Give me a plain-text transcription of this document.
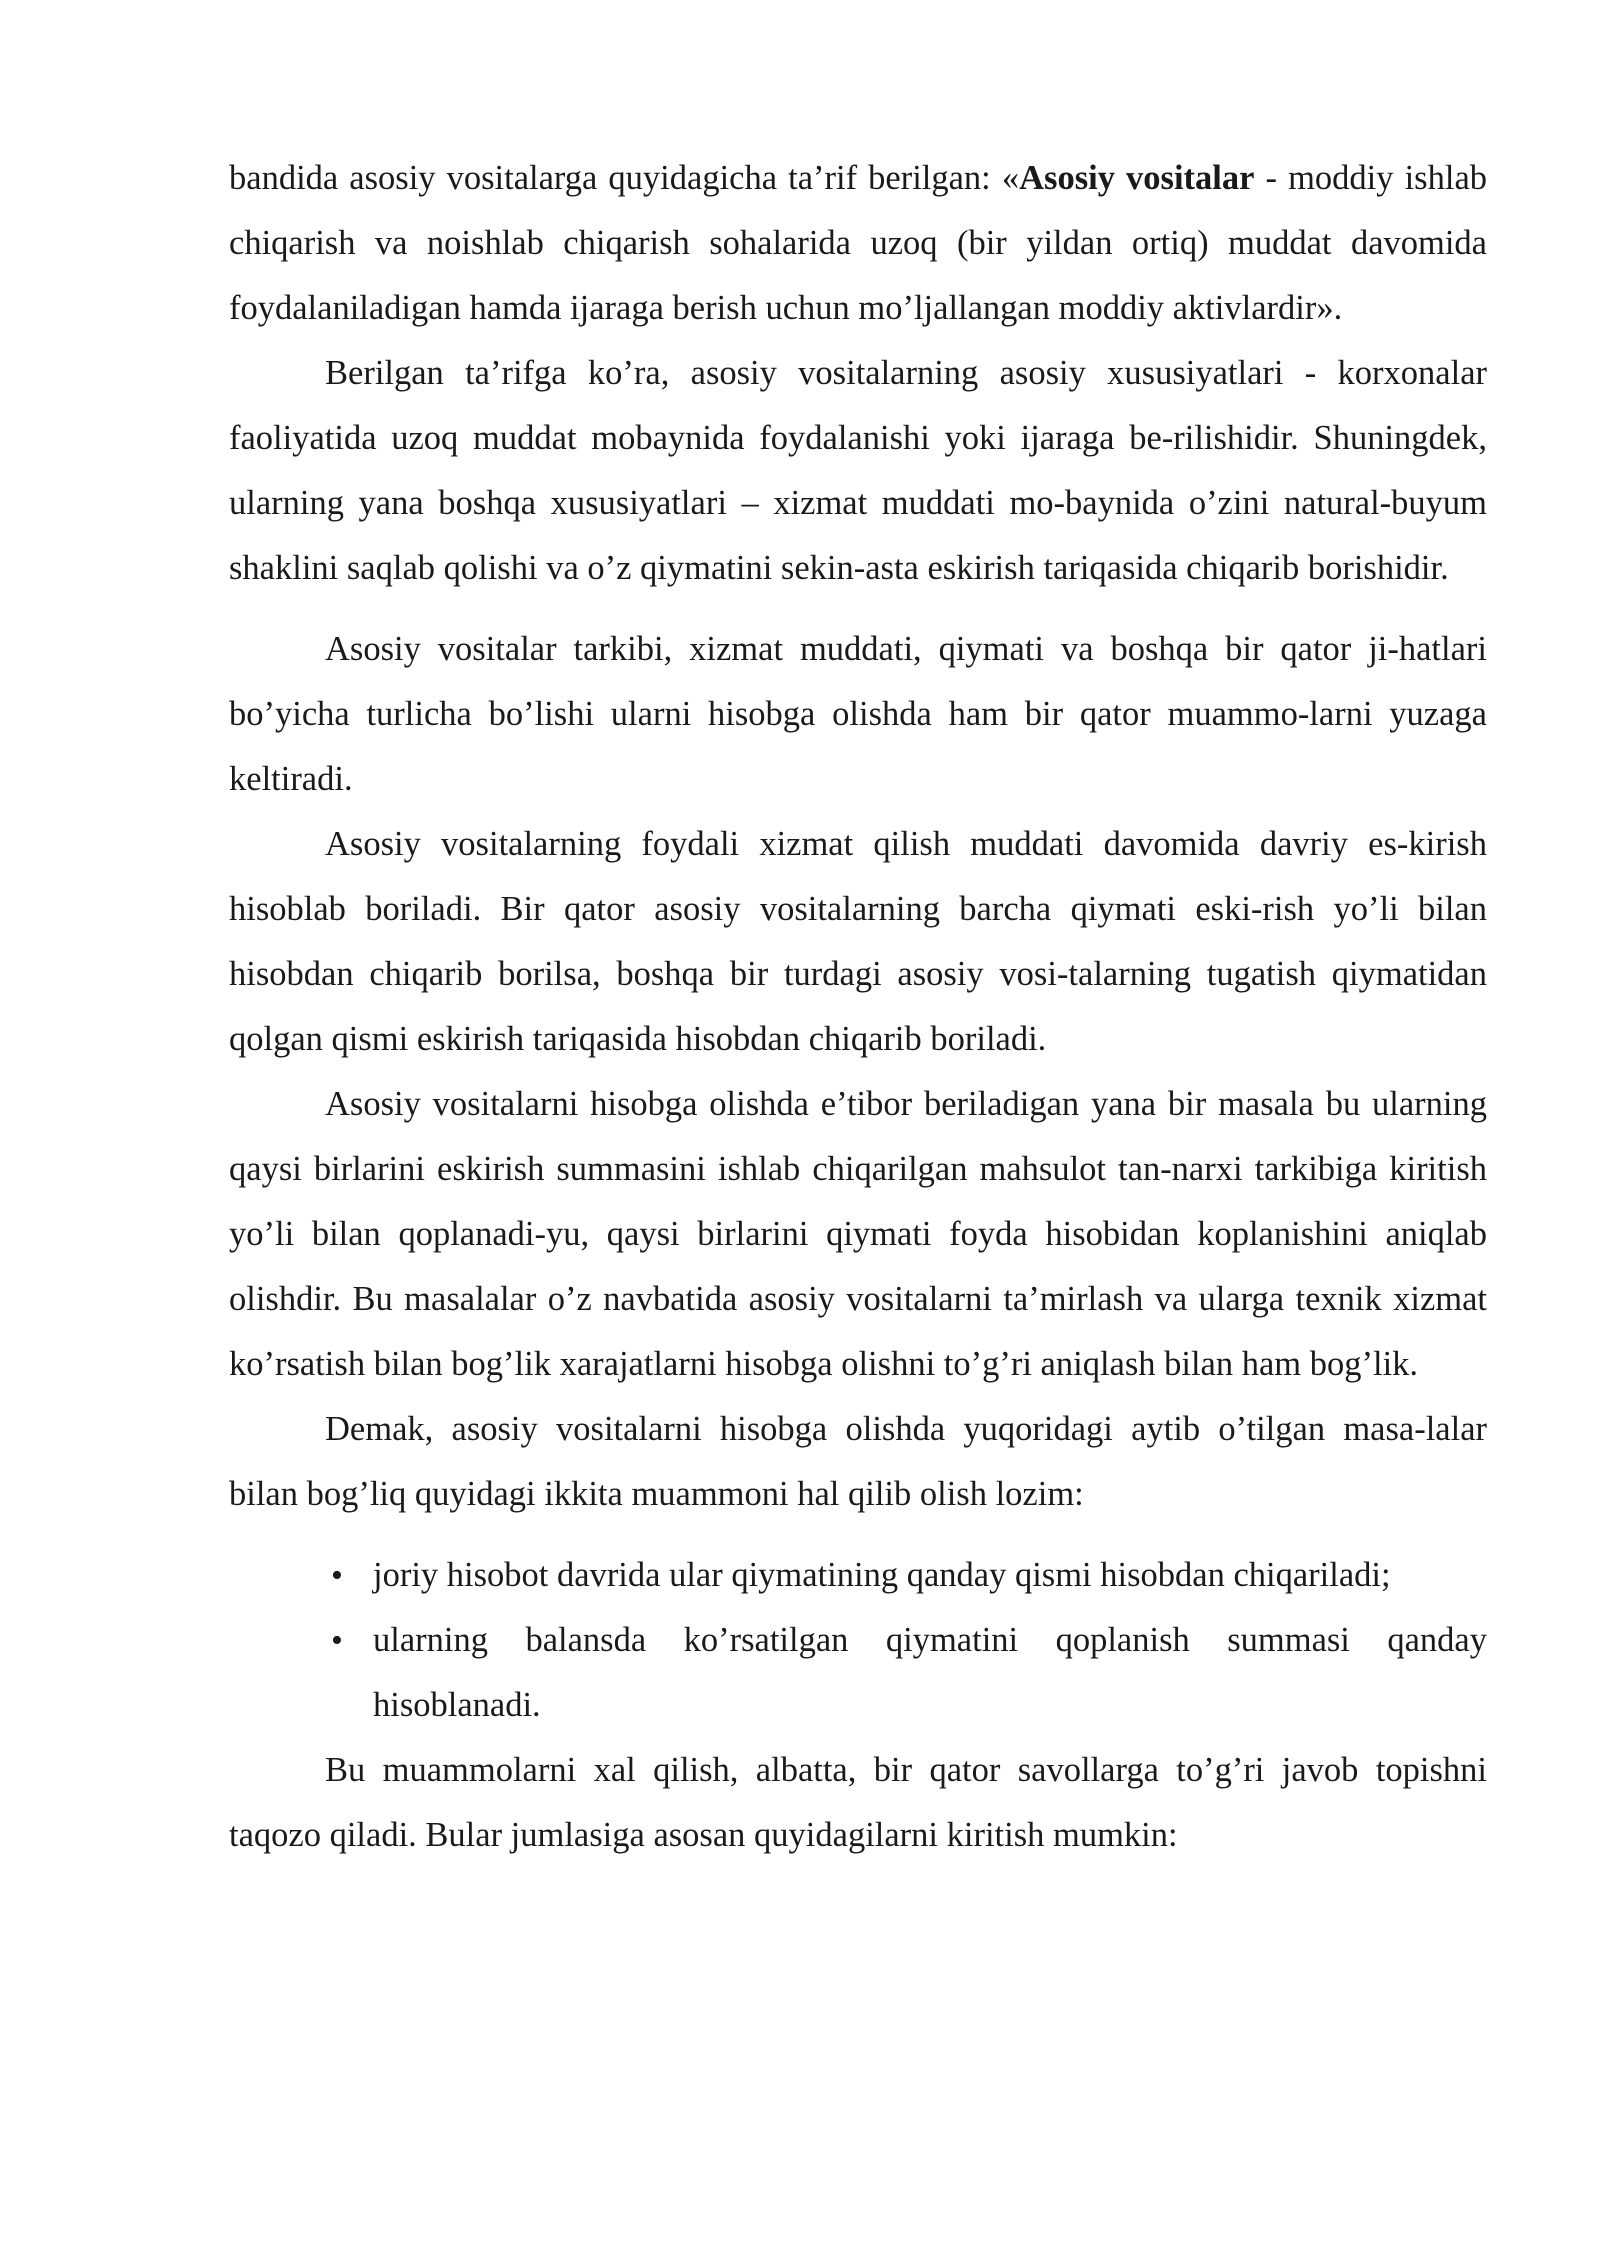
bandida asosiy vositalarga quyidagicha ta’rif berilgan: «Asosiy vositalar - moddiy ishlab chiqarish va noishlab chiqarish sohalarida uzoq (bir yildan ortiq) muddat davomida foydalaniladigan hamda ijaraga berish uchun mo’ljallangan moddiy aktivlardir».

Berilgan ta’rifga ko’ra, asosiy vositalarning asosiy xususiyatlari - korxonalar faoliyatida uzoq muddat mobaynida foydalanishi yoki ijaraga be-rilishidir. Shuningdek, ularning yana boshqa xususiyatlari – xizmat muddati mo-baynida o’zini natural-buyum shaklini saqlab qolishi va o’z qiymatini sekin-asta eskirish tariqasida chiqarib borishidir.

Asosiy vositalar tarkibi, xizmat muddati, qiymati va boshqa bir qator ji-hatlari bo’yicha turlicha bo’lishi ularni hisobga olishda ham bir qator muammo-larni yuzaga keltiradi.

Asosiy vositalarning foydali xizmat qilish muddati davomida davriy es-kirish hisoblab boriladi. Bir qator asosiy vositalarning barcha qiymati eski-rish yo’li bilan hisobdan chiqarib borilsa, boshqa bir turdagi asosiy vosi-talarning tugatish qiymatidan qolgan qismi eskirish tariqasida hisobdan chiqarib boriladi.

Asosiy vositalarni hisobga olishda e’tibor beriladigan yana bir masala bu ularning qaysi birlarini eskirish summasini ishlab chiqarilgan mahsulot tan-narxi tarkibiga kiritish yo’li bilan qoplanadi-yu, qaysi birlarini qiymati foyda hisobidan koplanishini aniqlab olishdir. Bu masalalar o’z navbatida asosiy vositalarni ta’mirlash va ularga texnik xizmat ko’rsatish bilan bog’lik xarajatlarni hisobga olishni to’g’ri aniqlash bilan ham bog’lik.

Demak, asosiy vositalarni hisobga olishda yuqoridagi aytib o’tilgan masa-lalar bilan bog’liq quyidagi ikkita muammoni hal qilib olish lozim:

• joriy hisobot davrida ular qiymatining qanday qismi hisobdan chiqariladi;
• ularning balansda ko’rsatilgan qiymatini qoplanish summasi qanday hisoblanadi.

Bu muammolarni xal qilish, albatta, bir qator savollarga to’g’ri javob topishni taqozo qiladi. Bular jumlasiga asosan quyidagilarni kiritish mumkin:
